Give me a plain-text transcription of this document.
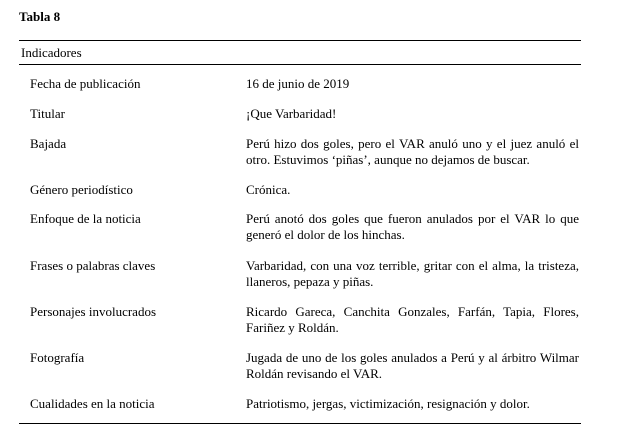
Tabla 8

Indicadores
Fecha de publicación	16 de junio de 2019
Titular	¡Que Varbaridad!
Bajada	Perú hizo dos goles, pero el VAR anuló uno y el juez anuló el otro. Estuvimos ‘piñas’, aunque no dejamos de buscar.
Género periodístico	Crónica.
Enfoque de la noticia	Perú anotó dos goles que fueron anulados por el VAR lo que generó el dolor de los hinchas.
Frases o palabras claves	Varbaridad, con una voz terrible, gritar con el alma, la tristeza, llaneros, pepaza y piñas.
Personajes involucrados	Ricardo Gareca, Canchita Gonzales, Farfán, Tapia, Flores, Fariñez y Roldán.
Fotografía	Jugada de uno de los goles anulados a Perú y al árbitro Wilmar Roldán revisando el VAR.
Cualidades en la noticia	Patriotismo, jergas, victimización, resignación y dolor.
